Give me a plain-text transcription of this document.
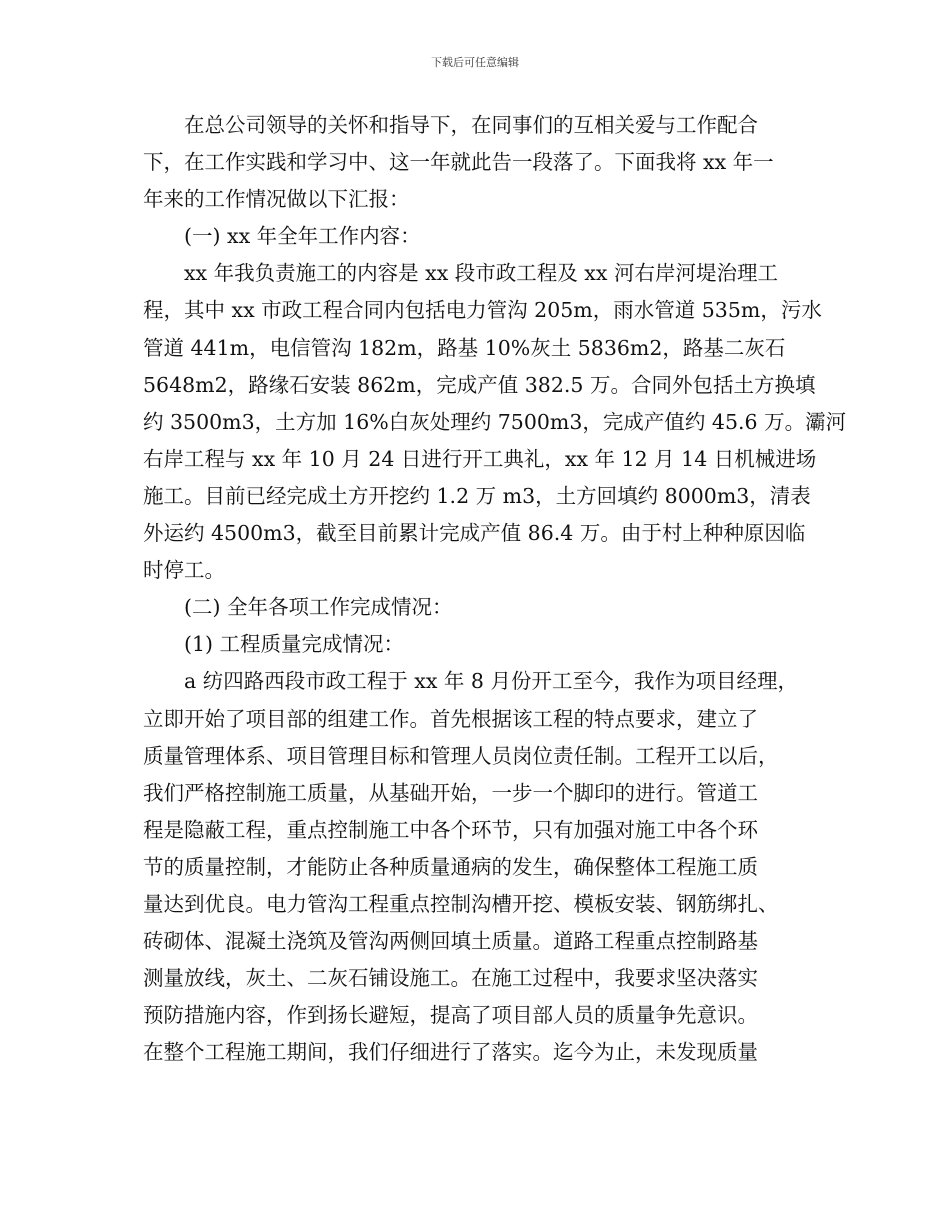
下载后可任意编辑

在总公司领导的关怀和指导下，在同事们的互相关爱与工作配合
下，在工作实践和学习中、这一年就此告一段落了。下面我将 xx 年一
年来的工作情况做以下汇报：

(一) xx 年全年工作内容：

xx 年我负责施工的内容是 xx 段市政工程及 xx 河右岸河堤治理工
程，其中 xx 市政工程合同内包括电力管沟 205m，雨水管道 535m，污水
管道 441m，电信管沟 182m，路基 10%灰土 5836m2，路基二灰石
5648m2，路缘石安装 862m，完成产值 382.5 万。合同外包括土方换填
约 3500m3，土方加 16%白灰处理约 7500m3，完成产值约 45.6 万。灞河
右岸工程与 xx 年 10 月 24 日进行开工典礼，xx 年 12 月 14 日机械进场
施工。目前已经完成土方开挖约 1.2 万 m3，土方回填约 8000m3，清表
外运约 4500m3，截至目前累计完成产值 86.4 万。由于村上种种原因临
时停工。

(二) 全年各项工作完成情况：

(1) 工程质量完成情况：

a 纺四路西段市政工程于 xx 年 8 月份开工至今，我作为项目经理，
立即开始了项目部的组建工作。首先根据该工程的特点要求，建立了
质量管理体系、项目管理目标和管理人员岗位责任制。工程开工以后，
我们严格控制施工质量，从基础开始，一步一个脚印的进行。管道工
程是隐蔽工程，重点控制施工中各个环节，只有加强对施工中各个环
节的质量控制，才能防止各种质量通病的发生，确保整体工程施工质
量达到优良。电力管沟工程重点控制沟槽开挖、模板安装、钢筋绑扎、
砖砌体、混凝土浇筑及管沟两侧回填土质量。道路工程重点控制路基
测量放线，灰土、二灰石铺设施工。在施工过程中，我要求坚决落实
预防措施内容，作到扬长避短，提高了项目部人员的质量争先意识。
在整个工程施工期间，我们仔细进行了落实。迄今为止，未发现质量
